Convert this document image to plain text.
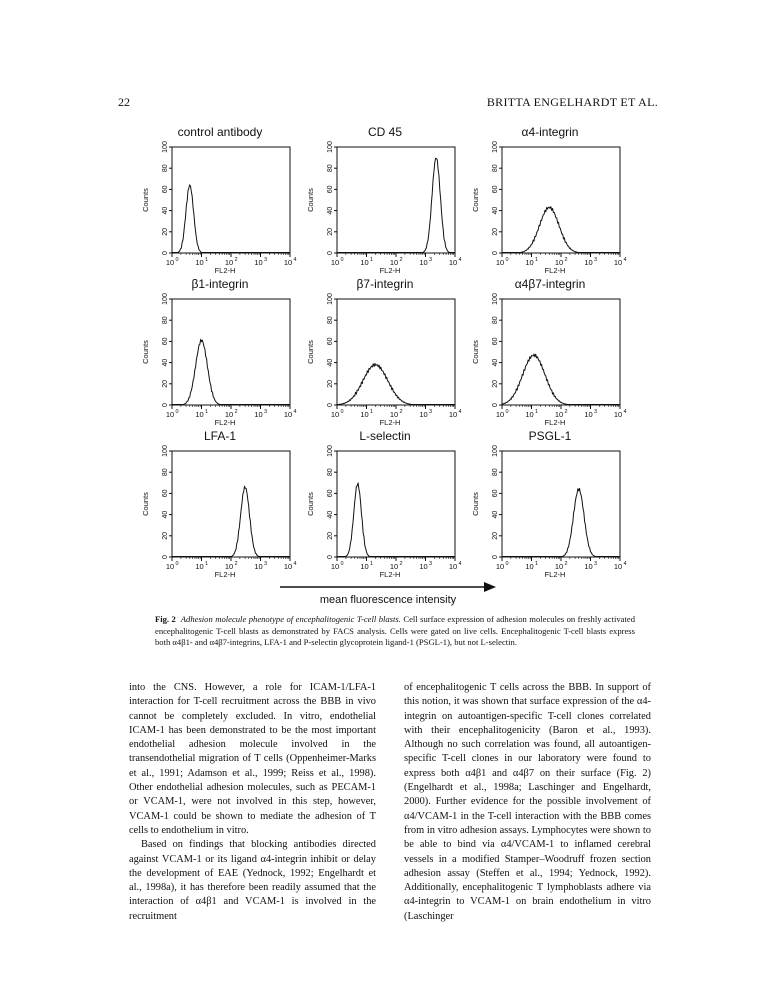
22	BRITTA ENGELHARDT ET AL.
control antibody
0
20
40
60
80
100
Counts
10 0 10 1 10 2 10 3 10 4
FL2-H
CD 45
0
20
40
60
80
100
Counts
10 0 10 1 10 2 10 3 10 4
FL2-H
α4-integrin
0
20
40
60
80
100
Counts
10 0 10 1 10 2 10 3 10 4
FL2-H
β1-integrin
0
20
40
60
80
100
Counts
10 0 10 1 10 2 10 3 10 4
FL2-H
β7-integrin
0
20
40
60
80
100
Counts
10 0 10 1 10 2 10 3 10 4
FL2-H
α4β7-integrin
0
20
40
60
80
100
Counts
10 0 10 1 10 2 10 3 10 4
FL2-H
LFA-1
0
20
40
60
80
100
Counts
10 0 10 1 10 2 10 3 10 4
FL2-H
L-selectin
0
20
40
60
80
100
Counts
10 0 10 1 10 2 10 3 10 4
FL2-H
PSGL-1
0
20
40
60
80
100
Counts
10 0 10 1 10 2 10 3 10 4
FL2-H
mean fluorescence intensity
Fig. 2 Adhesion molecule phenotype of encephalitogenic T-cell blasts. Cell surface expression of adhesion molecules on freshly activated encephalitogenic T-cell blasts as demonstrated by FACS analysis. Cells were gated on live cells. Encephalitogenic T-cell blasts express both α4β1- and α4β7-integrins, LFA-1 and P-selectin glycoprotein ligand-1 (PSGL-1), but not L-selectin.

into the CNS. However, a role for ICAM-1/LFA-1 interaction for T-cell recruitment across the BBB in vivo cannot be completely excluded. In vitro, endothelial ICAM-1 has been demonstrated to be the most important endothelial adhesion molecule involved in the transendothelial migration of T cells (Oppenheimer-Marks et al., 1991; Adamson et al., 1999; Reiss et al., 1998). Other endothelial adhesion molecules, such as PECAM-1 or VCAM-1, were not involved in this step, however, VCAM-1 could be shown to mediate the adhesion of T cells to endothelium in vitro.

Based on findings that blocking antibodies directed against VCAM-1 or its ligand α4-integrin inhibit or delay the development of EAE (Yednock, 1992; Engelhardt et al., 1998a), it has therefore been readily assumed that the interaction of α4β1 and VCAM-1 is involved in the recruitment

of encephalitogenic T cells across the BBB. In support of this notion, it was shown that surface expression of the α4-integrin on autoantigen-specific T-cell clones correlated with their encephalitogenicity (Baron et al., 1993). Although no such correlation was found, all autoantigen-specific T-cell clones in our laboratory were found to express both α4β1 and α4β7 on their surface (Fig. 2) (Engelhardt et al., 1998a; Laschinger and Engelhardt, 2000). Further evidence for the possible involvement of α4/VCAM-1 in the T-cell interaction with the BBB comes from in vitro adhesion assays. Lymphocytes were shown to be able to bind via α4/VCAM-1 to inflamed cerebral vessels in a modified Stamper–Woodruff frozen section adhesion assay (Steffen et al., 1994; Yednock, 1992). Additionally, encephalitogenic T lymphoblasts adhere via α4-integrin to VCAM-1 on brain endothelium in vitro (Laschinger
